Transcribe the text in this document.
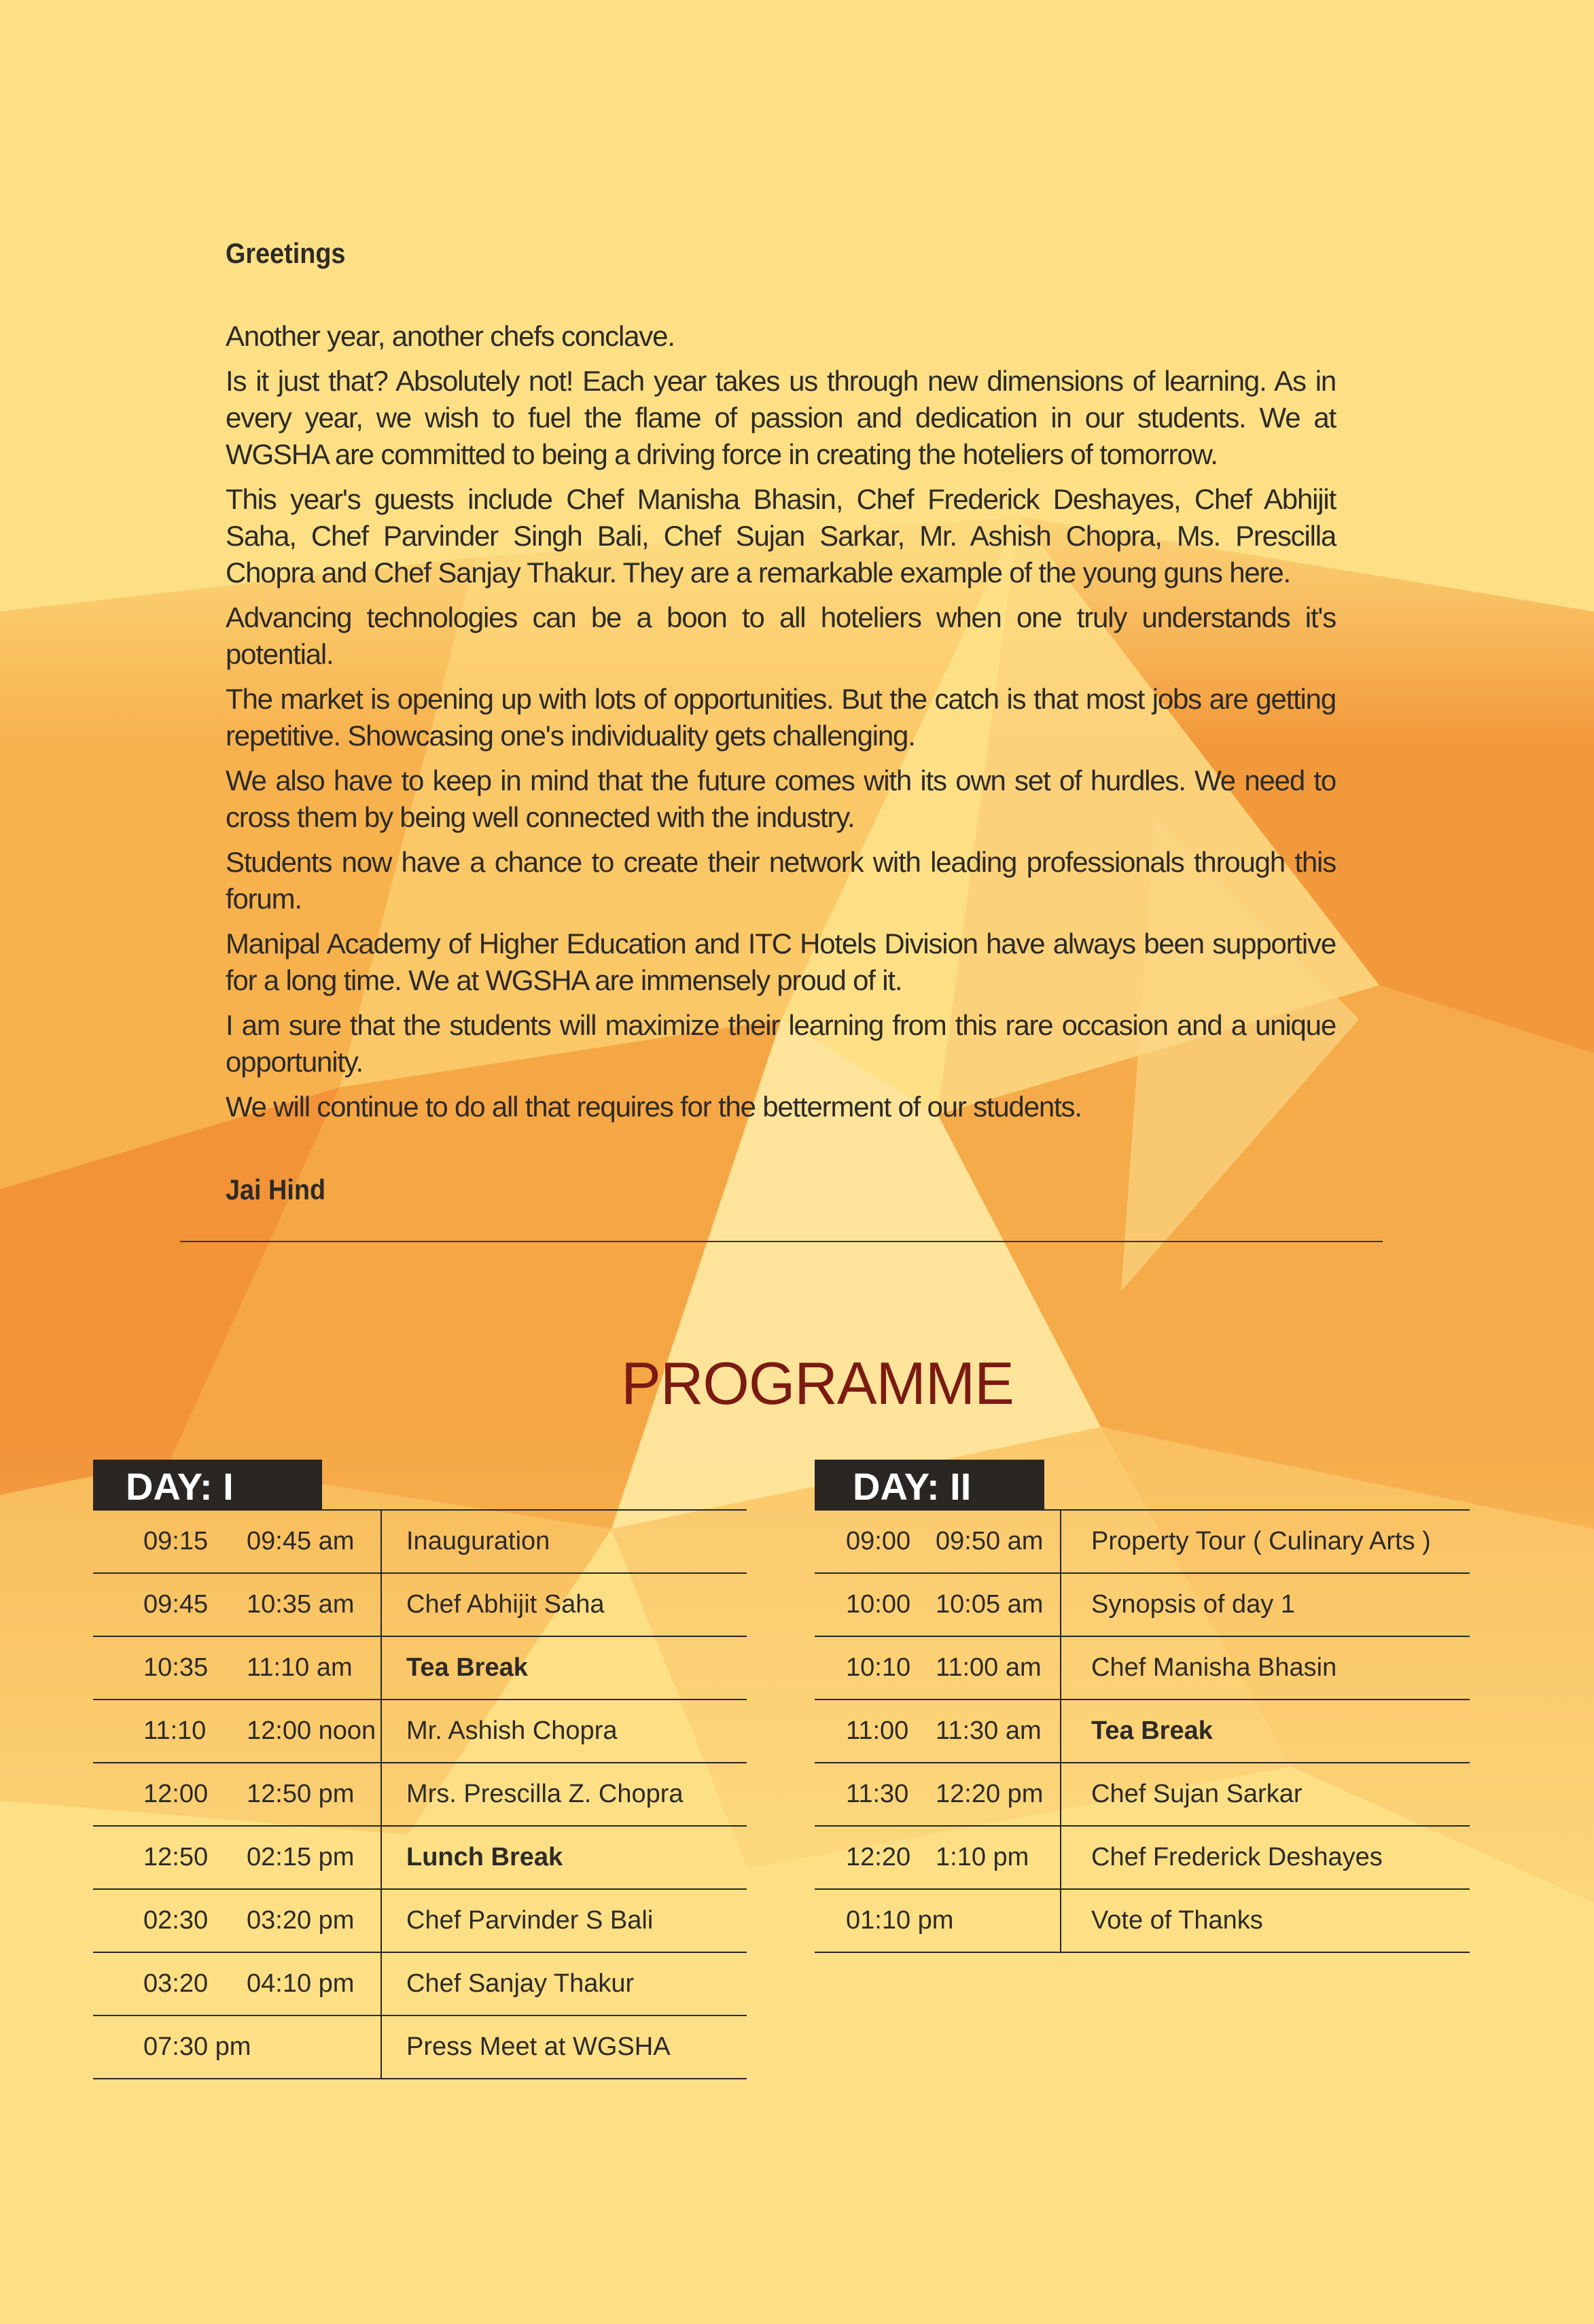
Greetings

Another year, another chefs conclave.

Is it just that? Absolutely not! Each year takes us through new dimensions of learning. As in every year, we wish to fuel the flame of passion and dedication in our students. We at WGSHA are committed to being a driving force in creating the hoteliers of tomorrow.

This year's guests include Chef Manisha Bhasin, Chef Frederick Deshayes, Chef Abhijit Saha, Chef Parvinder Singh Bali, Chef Sujan Sarkar, Mr. Ashish Chopra, Ms. Prescilla Chopra and Chef Sanjay Thakur. They are a remarkable example of the young guns here.

Advancing technologies can be a boon to all hoteliers when one truly understands it's potential.

The market is opening up with lots of opportunities. But the catch is that most jobs are getting repetitive. Showcasing one's individuality gets challenging.

We also have to keep in mind that the future comes with its own set of hurdles. We need to cross them by being well connected with the industry.

Students now have a chance to create their network with leading professionals through this forum.

Manipal Academy of Higher Education and ITC Hotels Division have always been supportive for a long time. We at WGSHA are immensely proud of it.

I am sure that the students will maximize their learning from this rare occasion and a unique opportunity.

We will continue to do all that requires for the betterment of our students.

Jai Hind
PROGRAMME
DAY: I
09:15 09:45 am	Inauguration
09:45 10:35 am	Chef Abhijit Saha
10:35 11:10 am	Tea Break
11:10 12:00 noon	Mr. Ashish Chopra
12:00 12:50 pm	Mrs. Prescilla Z. Chopra
12:50 02:15 pm	Lunch Break
02:30 03:20 pm	Chef Parvinder S Bali
03:20 04:10 pm	Chef Sanjay Thakur
07:30 pm	Press Meet at WGSHA
DAY: II
09:00 09:50 am	Property Tour ( Culinary Arts )
10:00 10:05 am	Synopsis of day 1
10:10 11:00 am	Chef Manisha Bhasin
11:00 11:30 am	Tea Break
11:30 12:20 pm	Chef Sujan Sarkar
12:20 1:10 pm	Chef Frederick Deshayes
01:10 pm	Vote of Thanks
